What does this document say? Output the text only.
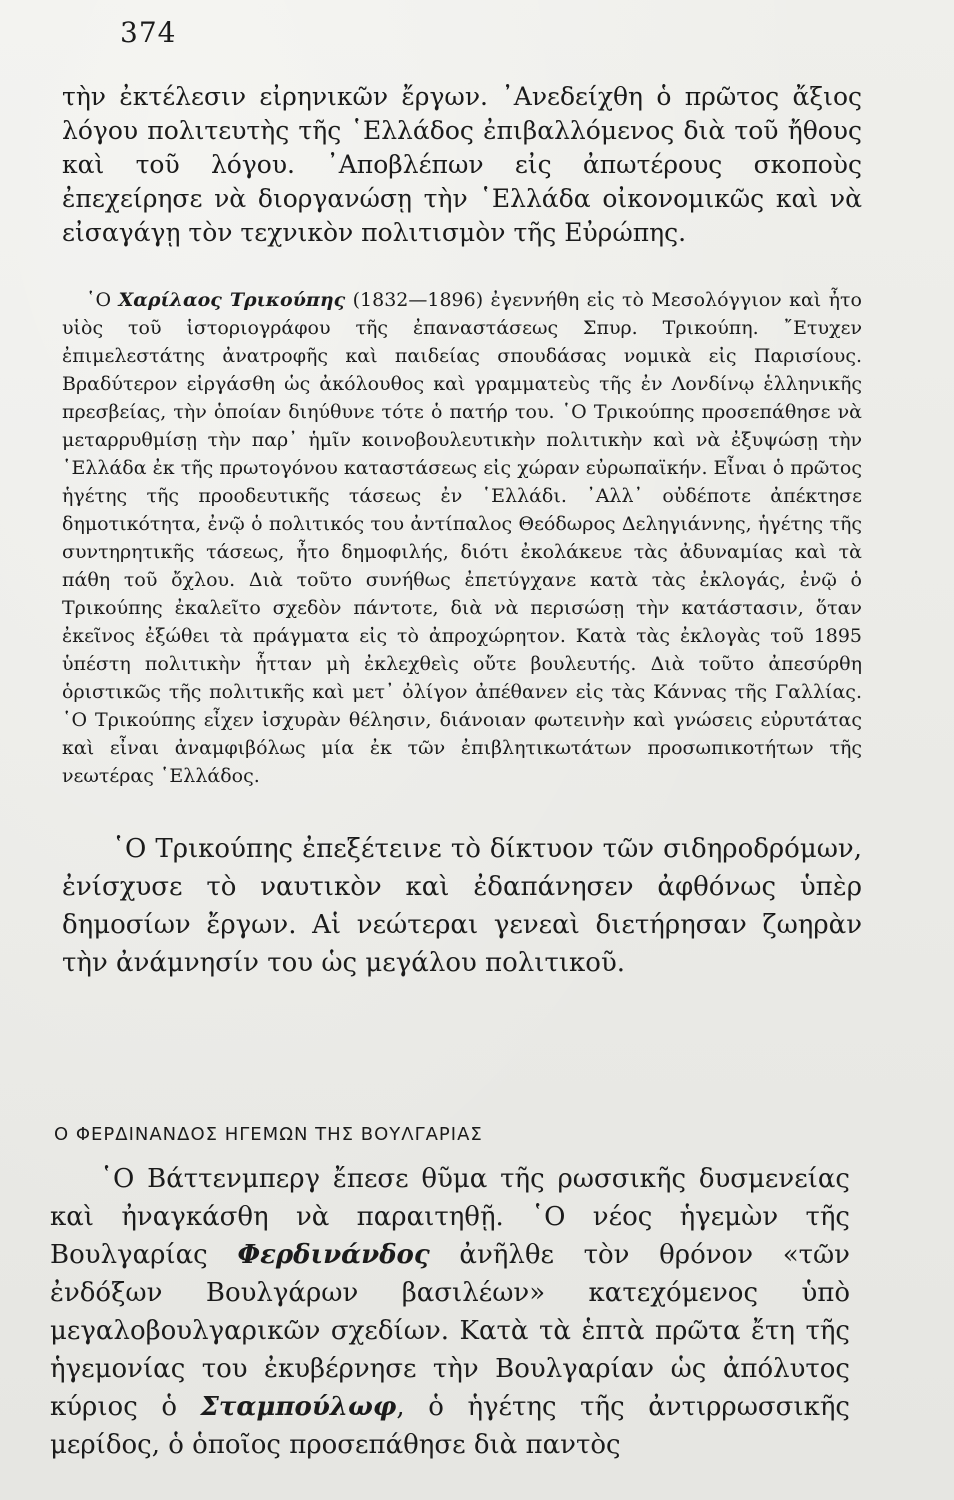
374

τὴν ἐκτέλεσιν εἰρηνικῶν ἔργων. ᾿Ανεδείχθη ὁ πρῶτος ἄξιος λόγου πολιτευτὴς τῆς ῾Ελλάδος ἐπιβαλλόμενος διὰ τοῦ ἤθους καὶ τοῦ λόγου. ᾿Αποβλέπων εἰς ἀπωτέρους σκοποὺς ἐπεχείρησε νὰ διοργανώσῃ τὴν ῾Ελλάδα οἰκονομικῶς καὶ νὰ εἰσαγάγῃ τὸν τεχνικὸν πολιτισμὸν τῆς Εὐρώπης.

῾Ο Χαρίλαος Τρικούπης (1832—1896) ἐγεννήθη εἰς τὸ Μεσολόγγιον καὶ ἦτο υἱὸς τοῦ ἱστοριογράφου τῆς ἐπαναστάσεως Σπυρ. Τρικούπη. ῎Ετυχεν ἐπιμελεστάτης ἀνατροφῆς καὶ παιδείας σπουδάσας νομικὰ εἰς Παρισίους. Βραδύτερον εἰργάσθη ὡς ἀκόλουθος καὶ γραμματεὺς τῆς ἐν Λονδίνῳ ἑλληνικῆς πρεσβείας, τὴν ὁποίαν διηύθυνε τότε ὁ πατήρ του. ῾Ο Τρικούπης προσεπάθησε νὰ μεταρρυθμίσῃ τὴν παρ᾿ ἡμῖν κοινοβουλευτικὴν πολιτικὴν καὶ νὰ ἐξυψώσῃ τὴν ῾Ελλάδα ἐκ τῆς πρωτογόνου καταστάσεως εἰς χώραν εὐρωπαϊκήν. Εἶναι ὁ πρῶτος ἡγέτης τῆς προοδευτικῆς τάσεως ἐν ῾Ελλάδι. ᾿Αλλ᾿ οὐδέποτε ἀπέκτησε δημοτικότητα, ἐνῷ ὁ πολιτικός του ἀντίπαλος Θεόδωρος Δεληγιάννης, ἡγέτης τῆς συντηρητικῆς τάσεως, ἦτο δημοφιλής, διότι ἐκολάκευε τὰς ἀδυναμίας καὶ τὰ πάθη τοῦ ὄχλου. Διὰ τοῦτο συνήθως ἐπετύγχανε κατὰ τὰς ἐκλογάς, ἐνῷ ὁ Τρικούπης ἐκαλεῖτο σχεδὸν πάντοτε, διὰ νὰ περισώσῃ τὴν κατάστασιν, ὅταν ἐκεῖνος ἐξώθει τὰ πράγματα εἰς τὸ ἀπροχώρητον. Κατὰ τὰς ἐκλογὰς τοῦ 1895 ὑπέστη πολιτικὴν ἧτταν μὴ ἐκλεχθεὶς οὔτε βουλευτής. Διὰ τοῦτο ἀπεσύρθη ὁριστικῶς τῆς πολιτικῆς καὶ μετ᾿ ὀλίγον ἀπέθανεν εἰς τὰς Κάννας τῆς Γαλλίας. ῾Ο Τρικούπης εἶχεν ἰσχυρὰν θέλησιν, διάνοιαν φωτεινὴν καὶ γνώσεις εὐρυτάτας καὶ εἶναι ἀναμφιβόλως μία ἐκ τῶν ἐπιβλητικωτάτων προσωπικοτήτων τῆς νεωτέρας ῾Ελλάδος.

῾Ο Τρικούπης ἐπεξέτεινε τὸ δίκτυον τῶν σιδηροδρόμων, ἐνίσχυσε τὸ ναυτικὸν καὶ ἐδαπάνησεν ἀφθόνως ὑπὲρ δημοσίων ἔργων. Αἱ νεώτεραι γενεαὶ διετήρησαν ζωηρὰν τὴν ἀνάμνησίν του ὡς μεγάλου πολιτικοῦ.

Ο ΦΕΡΔΙΝΑΝΔΟΣ ΗΓΕΜΩΝ ΤΗΣ ΒΟΥΛΓΑΡΙΑΣ

῾Ο Βάττενμπεργ ἔπεσε θῦμα τῆς ρωσσικῆς δυσμενείας καὶ ἠναγκάσθη νὰ παραιτηθῇ. ῾Ο νέος ἡγεμὼν τῆς Βουλγαρίας Φερδινάνδος ἀνῆλθε τὸν θρόνον «τῶν ἐνδόξων Βουλγάρων βασιλέων» κατεχόμενος ὑπὸ μεγαλοβουλγαρικῶν σχεδίων. Κατὰ τὰ ἑπτὰ πρῶτα ἔτη τῆς ἡγεμονίας του ἐκυβέρνησε τὴν Βουλγαρίαν ὡς ἀπόλυτος κύριος ὁ Σταμπούλωφ, ὁ ἡγέτης τῆς ἀντιρρωσσικῆς μερίδος, ὁ ὁποῖος προσεπάθησε διὰ παντὸς
